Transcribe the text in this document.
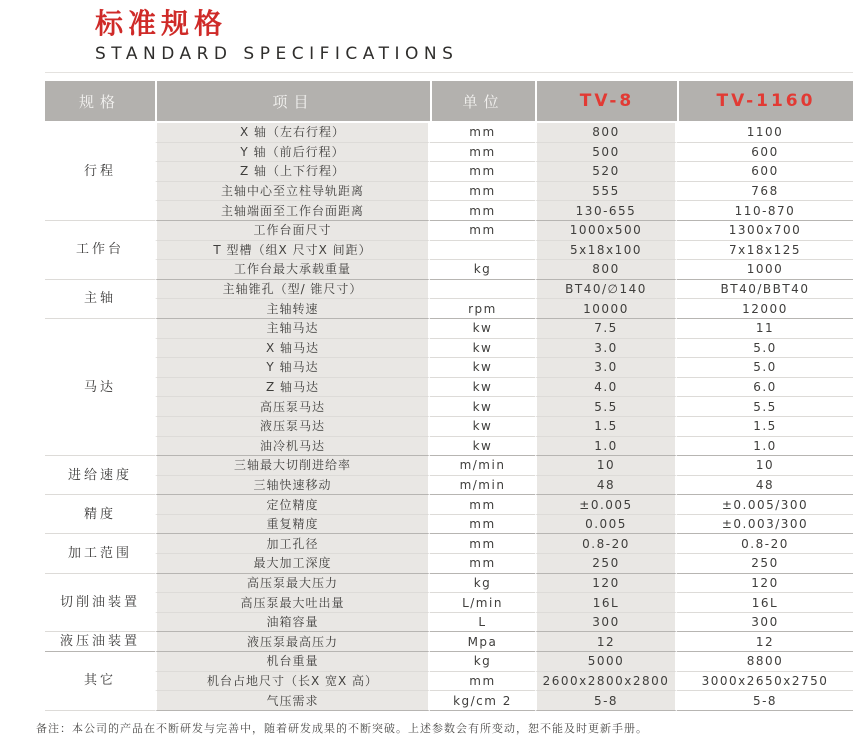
标准规格
STANDARD SPECIFICATIONS
规格	项目	单位	TV-8	TV-1160
行程	X 轴（左右行程）	mm	800	1100
	Y 轴（前后行程）	mm	500	600
	Z 轴（上下行程）	mm	520	600
	主轴中心至立柱导轨距离	mm	555	768
	主轴端面至工作台面距离	mm	130-655	110-870
工作台	工作台面尺寸	mm	1000x500	1300x700
	T 型槽（组X 尺寸X 间距）		5x18x100	7x18x125
	工作台最大承载重量	kg	800	1000
主轴	主轴锥孔（型/ 锥尺寸）		BT40/∅140	BT40/BBT40
	主轴转速	rpm	10000	12000
马达	主轴马达	kw	7.5	11
	X 轴马达	kw	3.0	5.0
	Y 轴马达	kw	3.0	5.0
	Z 轴马达	kw	4.0	6.0
	高压泵马达	kw	5.5	5.5
	液压泵马达	kw	1.5	1.5
	油冷机马达	kw	1.0	1.0
进给速度	三轴最大切削进给率	m/min	10	10
	三轴快速移动	m/min	48	48
精度	定位精度	mm	±0.005	±0.005/300
	重复精度	mm	0.005	±0.003/300
加工范围	加工孔径	mm	0.8-20	0.8-20
	最大加工深度	mm	250	250
切削油装置	高压泵最大压力	kg	120	120
	高压泵最大吐出量	L/min	16L	16L
	油箱容量	L	300	300
液压油装置	液压泵最高压力	Mpa	12	12
其它	机台重量	kg	5000	8800
	机台占地尺寸（长X 宽X 高）	mm	2600x2800x2800	3000x2650x2750
	气压需求	kg/cm 2	5-8	5-8
备注：本公司的产品在不断研发与完善中，随着研发成果的不断突破。上述参数会有所变动，恕不能及时更新手册。
